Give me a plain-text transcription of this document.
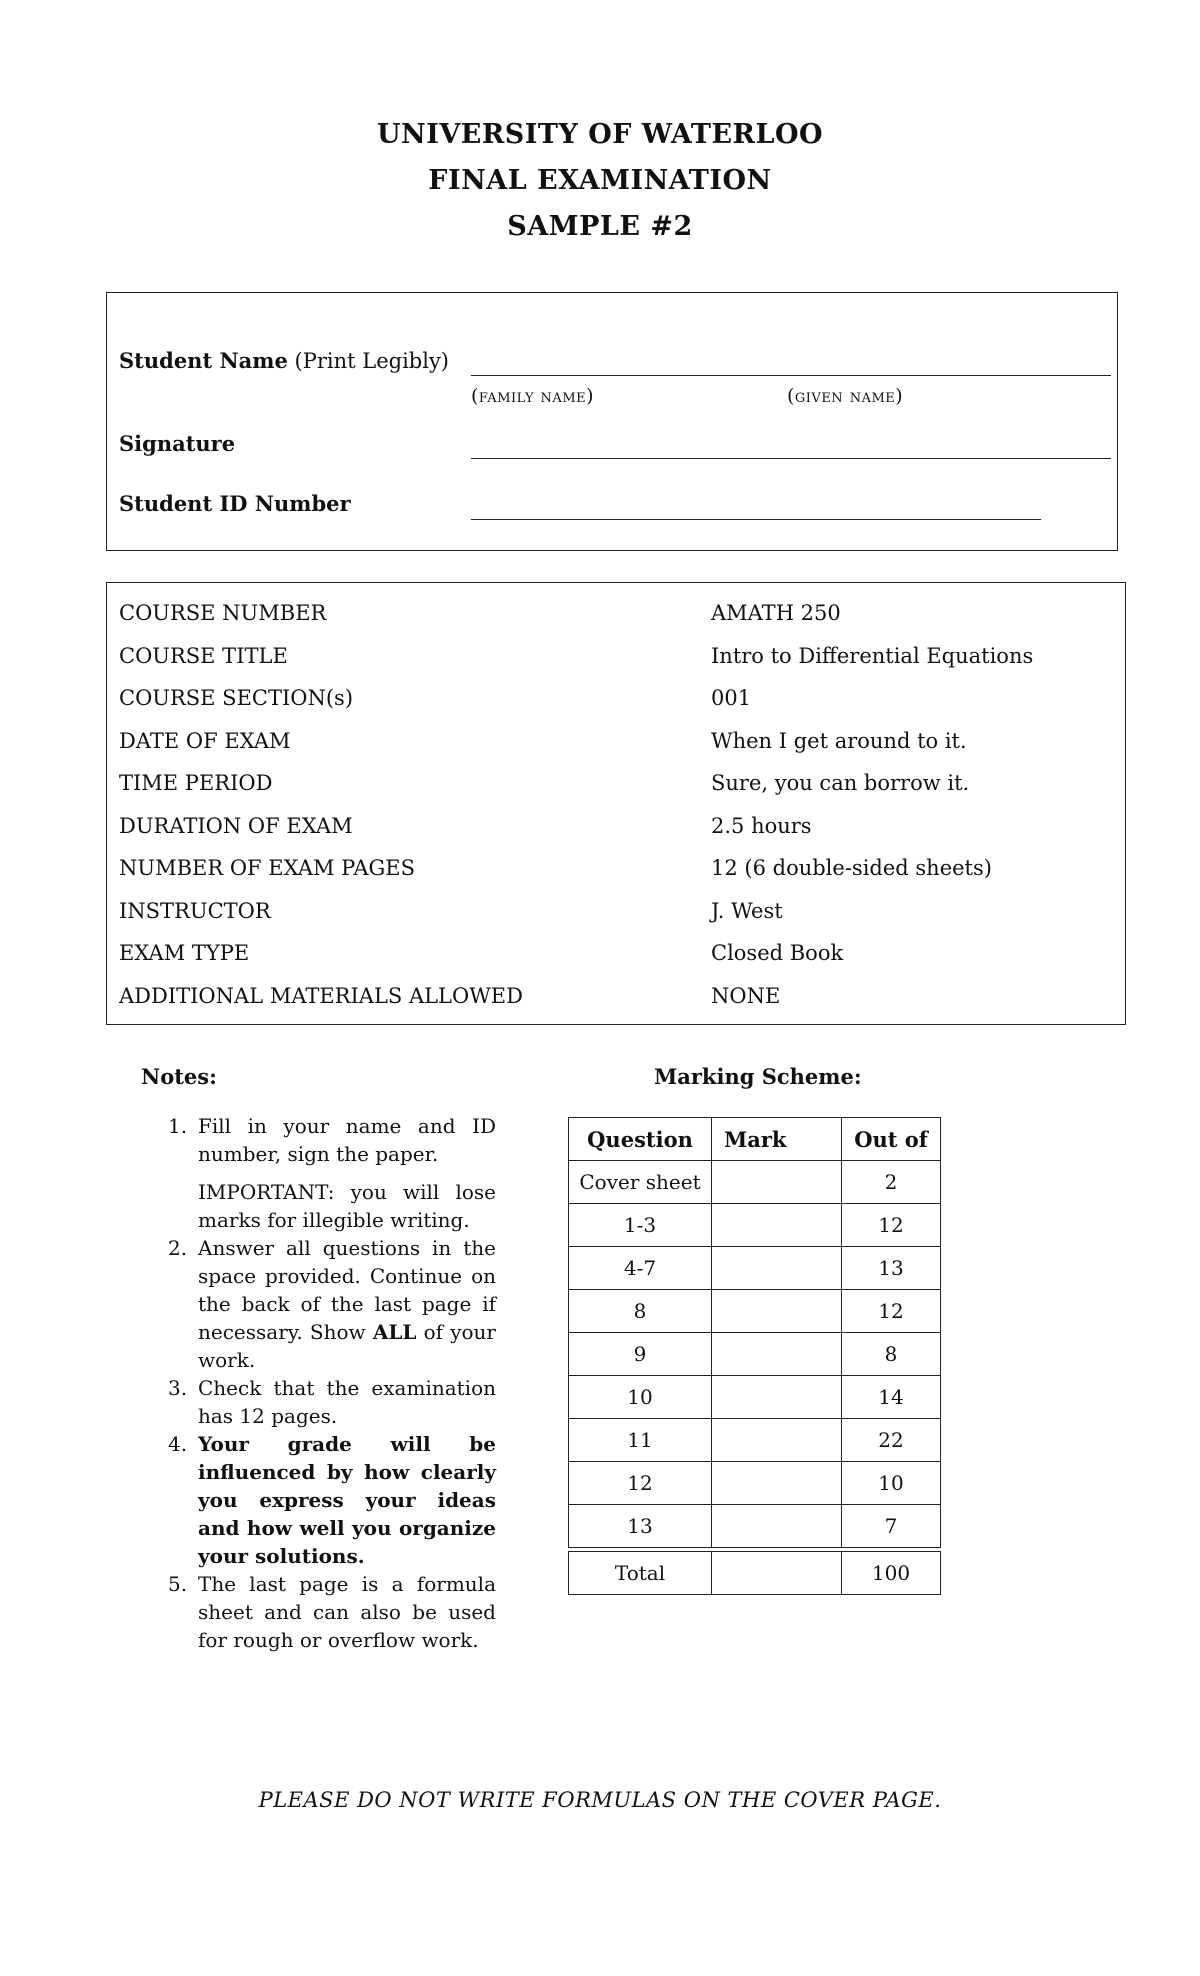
UNIVERSITY OF WATERLOO
FINAL EXAMINATION
SAMPLE #2
Student Name (Print Legibly)
(family name)	(given name)
Signature
Student ID Number
COURSE NUMBER	AMATH 250
COURSE TITLE	Intro to Differential Equations
COURSE SECTION(s)	001
DATE OF EXAM	When I get around to it.
TIME PERIOD	Sure, you can borrow it.
DURATION OF EXAM	2.5 hours
NUMBER OF EXAM PAGES	12 (6 double-sided sheets)
INSTRUCTOR	J. West
EXAM TYPE	Closed Book
ADDITIONAL MATERIALS ALLOWED	NONE
Notes:
1. Fill in your name and ID number, sign the paper.

IMPORTANT: you will lose marks for illegible writing.

2. Answer all questions in the space provided. Continue on the back of the last page if necessary. Show ALL of your work.

3. Check that the examination has 12 pages.

4. Your grade will be influenced by how clearly you express your ideas and how well you organize your solutions.

5. The last page is a formula sheet and can also be used for rough or overflow work.

Marking Scheme:
Question	Mark	Out of
Cover sheet		2
1-3		12
4-7		13
8		12
9		8
10		14
11		22
12		10
13		7

Total		100
PLEASE DO NOT WRITE FORMULAS ON THE COVER PAGE.
